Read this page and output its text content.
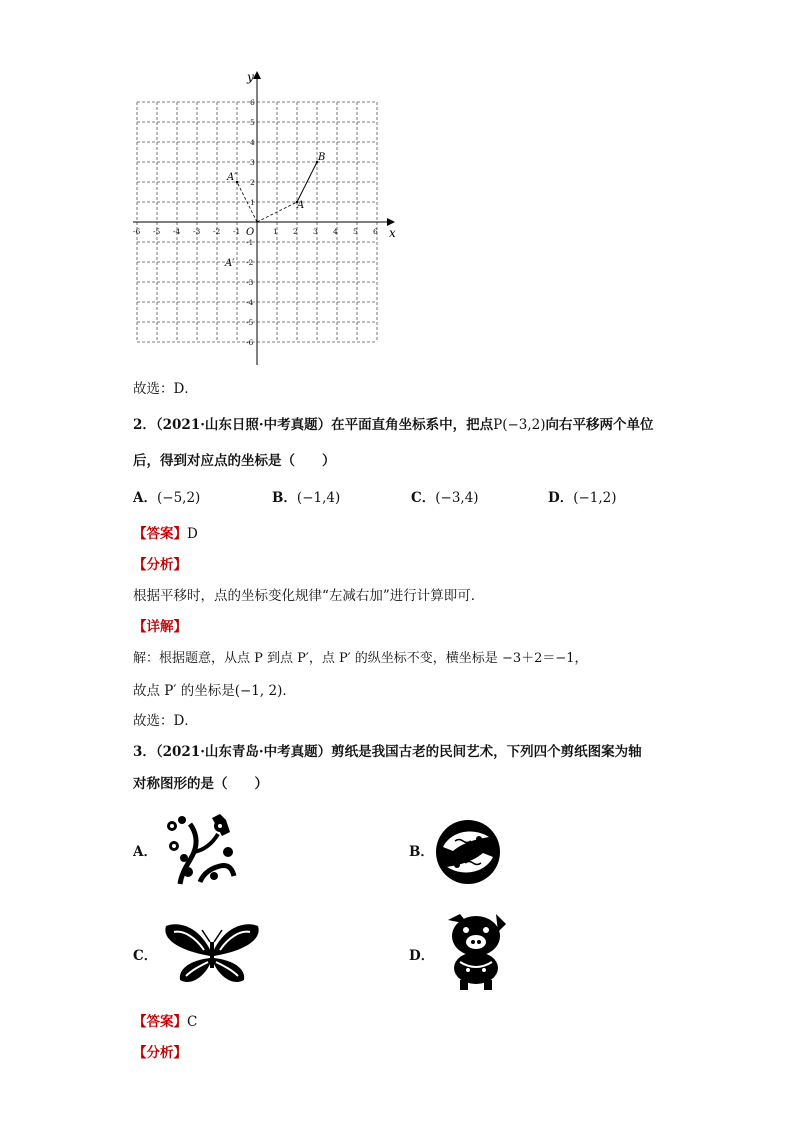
y
x
O
-6 -5 -4 -3 -2 -1	1 2 3 4 5 6
6
5
4
3
2
1
-1
-2
-3
-4
-5
-6
B
A
A″
A′
故选：D．
2．（2021·山东日照·中考真题）在平面直角坐标系中，把点P(−3,2)向右平移两个单位
后，得到对应点的坐标是（　　）
A．(−5,2)	B．(−1,4)	C．(−3,4)	D．(−1,2)
【答案】D
【分析】
根据平移时，点的坐标变化规律“左减右加”进行计算即可．
【详解】
解：根据题意，从点 P 到点 P′，点 P′ 的纵坐标不变，横坐标是 −3＋2＝−1，
故点 P′ 的坐标是(−1, 2)．
故选：D．
3．（2021·山东青岛·中考真题）剪纸是我国古老的民间艺术，下列四个剪纸图案为轴
对称图形的是（　　）
A．	B．
C．	D．
【答案】C
【分析】
